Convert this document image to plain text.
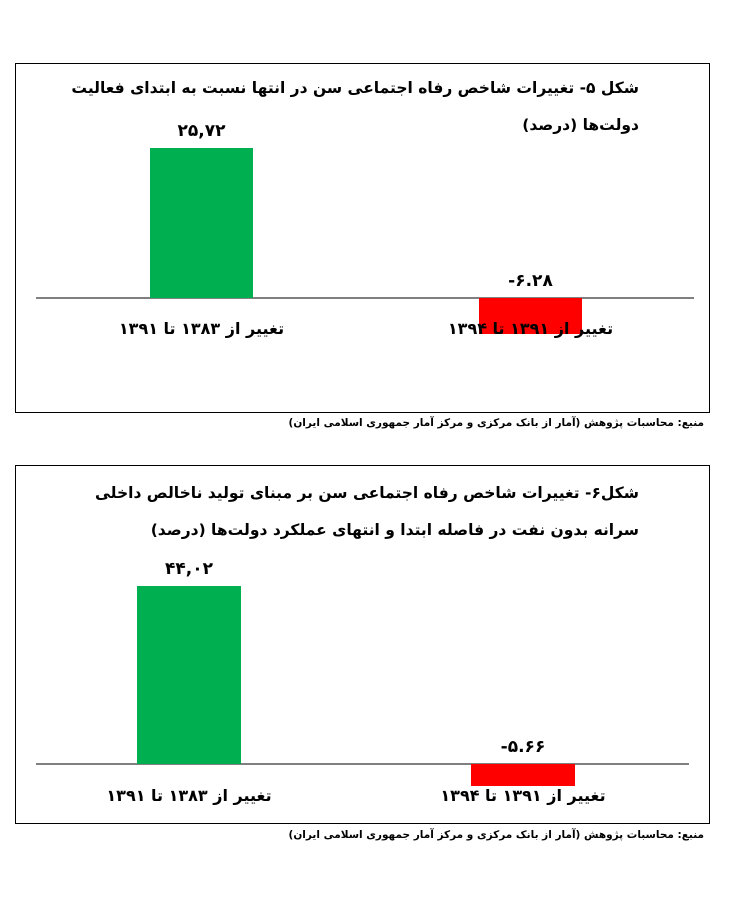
شکل ۵- تغییرات شاخص رفاه اجتماعی سن در انتها نسبت به ابتدای فعالیت
دولت‌ها (درصد)
۲۵,۷۲
-۶.۲۸
تغییر از ۱۳۸۳ تا ۱۳۹۱	تغییر از ۱۳۹۱ تا ۱۳۹۴
منبع: محاسبات پژوهش (آمار از بانک مرکزی و مرکز آمار جمهوری اسلامی ایران)
شکل۶- تغییرات شاخص رفاه اجتماعی سن بر مبنای تولید ناخالص داخلی
سرانه بدون نفت در فاصله ابتدا و انتهای عملکرد دولت‌ها (درصد)
۴۴,۰۲
-۵.۶۶
تغییر از ۱۳۸۳ تا ۱۳۹۱	تغییر از ۱۳۹۱ تا ۱۳۹۴
منبع: محاسبات پژوهش (آمار از بانک مرکزی و مرکز آمار جمهوری اسلامی ایران)
